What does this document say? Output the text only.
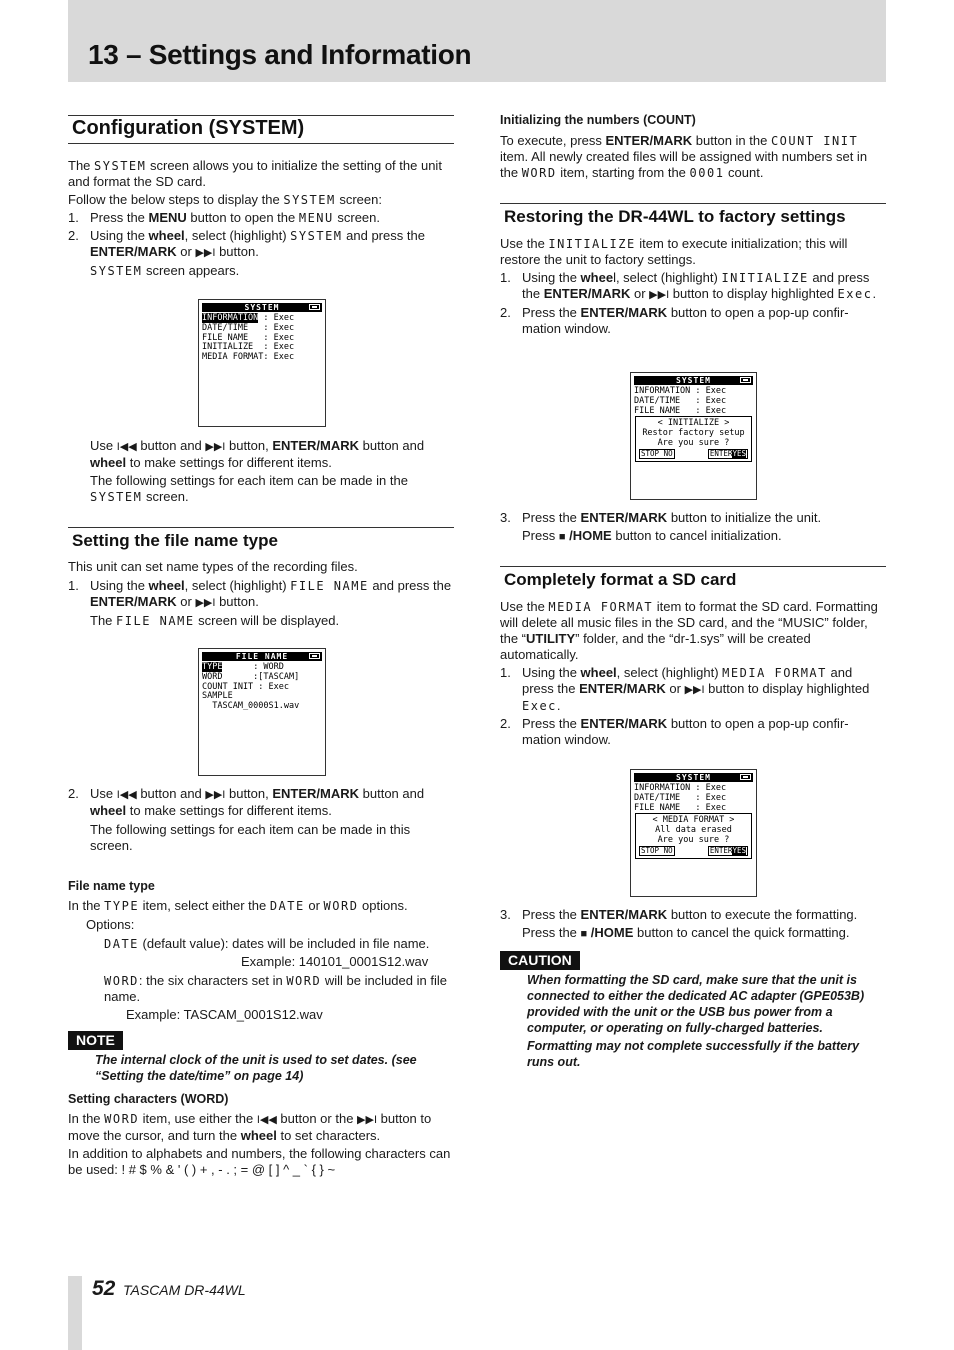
13 – Settings and Information
Configuration (SYSTEM)

The SYSTEM screen allows you to initialize the setting of the unit and format the SD card.

Follow the below steps to display the SYSTEM screen:

1. Press the MENU button to open the MENU screen.

2. Using the wheel, select (highlight) SYSTEM and press the ENTER/MARK or ▶▶I button.

SYSTEM screen appears.

SYSTEM
INFORMATION : Exec
DATE/TIME   : Exec
FILE NAME   : Exec
INITIALIZE  : Exec
MEDIA FORMAT: Exec

Use I◀◀ button and ▶▶I button, ENTER/MARK button and wheel to make settings for different items.

The following settings for each item can be made in the SYSTEM screen.

Setting the file name type

This unit can set name types of the recording files.

1. Using the wheel, select (highlight) FILE NAME and press the ENTER/MARK or ▶▶I button.

The FILE NAME screen will be displayed.

FILE NAME
TYPE      : WORD
WORD      :[TASCAM]
COUNT INIT : Exec
SAMPLE
TASCAM_0000S1.wav
2. Use I◀◀ button and ▶▶I button, ENTER/MARK button and wheel to make settings for different items.

The following settings for each item can be made in this screen.

File name type

In the TYPE item, select either the DATE or WORD options.

Options:

DATE (default value): dates will be included in file name.

Example: 140101_0001S12.wav

WORD: the six characters set in WORD will be included in file name.

Example: TASCAM_0001S12.wav

NOTE
The internal clock of the unit is used to set dates. (see “Setting the date/time” on page 14)
Setting characters (WORD)

In the WORD item, use either the I◀◀ button or the ▶▶I button to move the cursor, and turn the wheel to set characters.

In addition to alphabets and numbers, the following characters can be used: ! # $ % & ' ( ) + , - . ; = @ [ ] ^ _ ` { } ~

Initializing the numbers (COUNT)

To execute, press ENTER/MARK button in the COUNT INIT item. All newly created files will be assigned with numbers set in the WORD item, starting from the 0001 count.

Restoring the DR-44WL to factory settings

Use the INITIALIZE item to execute initialization; this will restore the unit to factory settings.

1. Using the wheel, select (highlight) INITIALIZE and press the ENTER/MARK or ▶▶I button to display highlighted Exec.

2. Press the ENTER/MARK button to open a pop-up confir-mation window.

SYSTEM
INFORMATION : Exec
DATE/TIME   : Exec
FILE NAME   : Exec
< INITIALIZE >
Restor factory setup
Are you sure ?
STOP NO	ENTERYES
3. Press the ENTER/MARK button to initialize the unit.

Press ■ /HOME button to cancel initialization.

Completely format a SD card

Use the MEDIA FORMAT item to format the SD card. Formatting will delete all music files in the SD card, and the “MUSIC” folder, the “UTILITY” folder, and the “dr-1.sys” will be created automatically.

1. Using the wheel, select (highlight) MEDIA FORMAT and press the ENTER/MARK or ▶▶I button to display highlighted Exec.

2. Press the ENTER/MARK button to open a pop-up confir-mation window.

SYSTEM
INFORMATION : Exec
DATE/TIME   : Exec
FILE NAME   : Exec
< MEDIA FORMAT >
All data erased
Are you sure ?
STOP NO	ENTERYES
3. Press the ENTER/MARK button to execute the formatting.

Press the ■ /HOME button to cancel the quick formatting.

CAUTION

When formatting the SD card, make sure that the unit is connected to either the dedicated AC adapter (GPE053B) provided with the unit or the USB bus power from a computer, or operating on fully-charged batteries.

Formatting may not complete successfully if the battery runs out.

52 TASCAM DR-44WL
